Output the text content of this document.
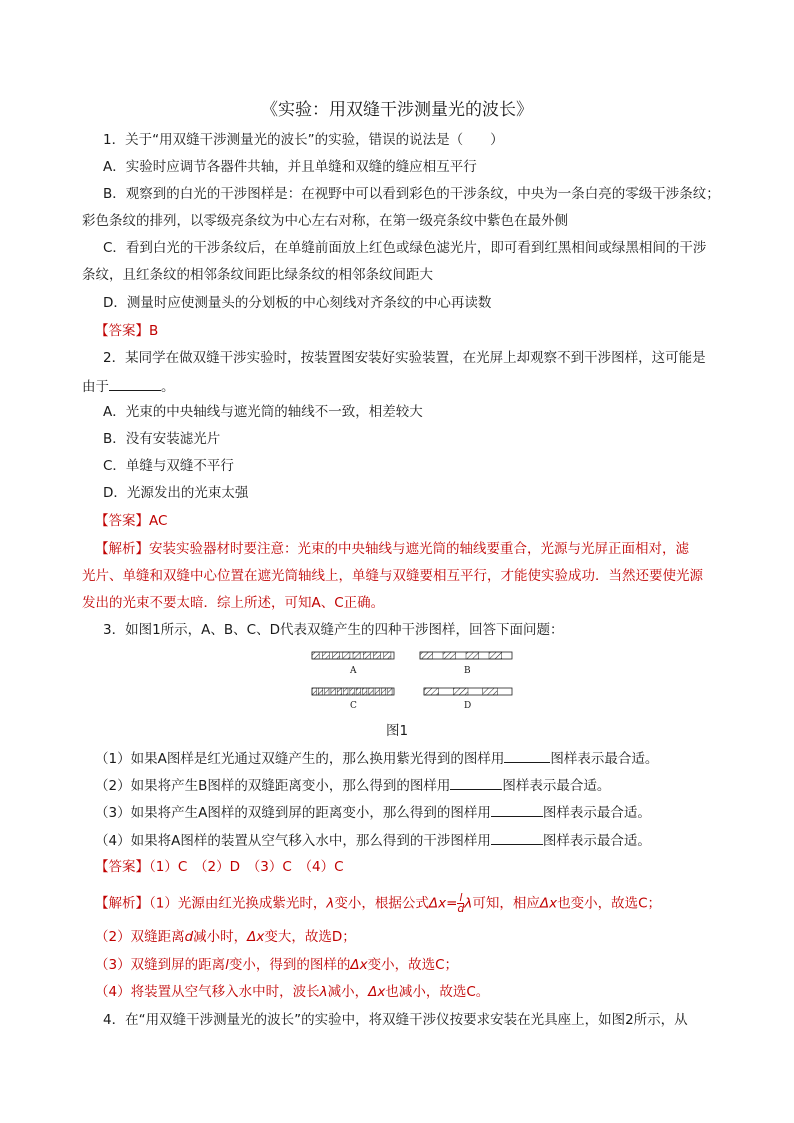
《实验：用双缝干涉测量光的波长》
1．关于“用双缝干涉测量光的波长”的实验，错误的说法是（　　）
A．实验时应调节各器件共轴，并且单缝和双缝的缝应相互平行
B．观察到的白光的干涉图样是：在视野中可以看到彩色的干涉条纹，中央为一条白亮的零级干涉条纹；
彩色条纹的排列，以零级亮条纹为中心左右对称，在第一级亮条纹中紫色在最外侧
C．看到白光的干涉条纹后，在单缝前面放上红色或绿色滤光片，即可看到红黑相间或绿黑相间的干涉
条纹，且红条纹的相邻条纹间距比绿条纹的相邻条纹间距大
D．测量时应使测量头的分划板的中心刻线对齐条纹的中心再读数
【答案】B
2．某同学在做双缝干涉实验时，按装置图安装好实验装置，在光屏上却观察不到干涉图样，这可能是
由于	。
A．光束的中央轴线与遮光筒的轴线不一致，相差较大
B．没有安装滤光片
C．单缝与双缝不平行
D．光源发出的光束太强
【答案】AC
【解析】安装实验器材时要注意：光束的中央轴线与遮光筒的轴线要重合，光源与光屏正面相对，滤
光片、单缝和双缝中心位置在遮光筒轴线上，单缝与双缝要相互平行，才能使实验成功．当然还要使光源
发出的光束不要太暗．综上所述，可知A、C正确。
3．如图1所示，A、B、C、D代表双缝产生的四种干涉图样，回答下面问题：
A	B
C	D
图1
（1）如果A图样是红光通过双缝产生的，那么换用紫光得到的图样用	图样表示最合适。
（2）如果将产生B图样的双缝距离变小，那么得到的图样用	图样表示最合适。
（3）如果将产生A图样的双缝到屏的距离变小，那么得到的图样用	图样表示最合适。
（4）如果将A图样的装置从空气移入水中，那么得到的干涉图样用	图样表示最合适。
【答案】（1）C　（2）D　（3）C　（4）C
【解析】（1）光源由红光换成紫光时，λ变小，根据公式$\Delta x= \frac{l}{d}$ λ可知，相应Δx也变小，故选C；
（2）双缝距离d减小时，Δx变大，故选D；
（3）双缝到屏的距离l变小，得到的图样的Δx变小，故选C；
（4）将装置从空气移入水中时，波长λ减小，Δx也减小，故选C。
4．在“用双缝干涉测量光的波长”的实验中，将双缝干涉仪按要求安装在光具座上，如图2所示，从
